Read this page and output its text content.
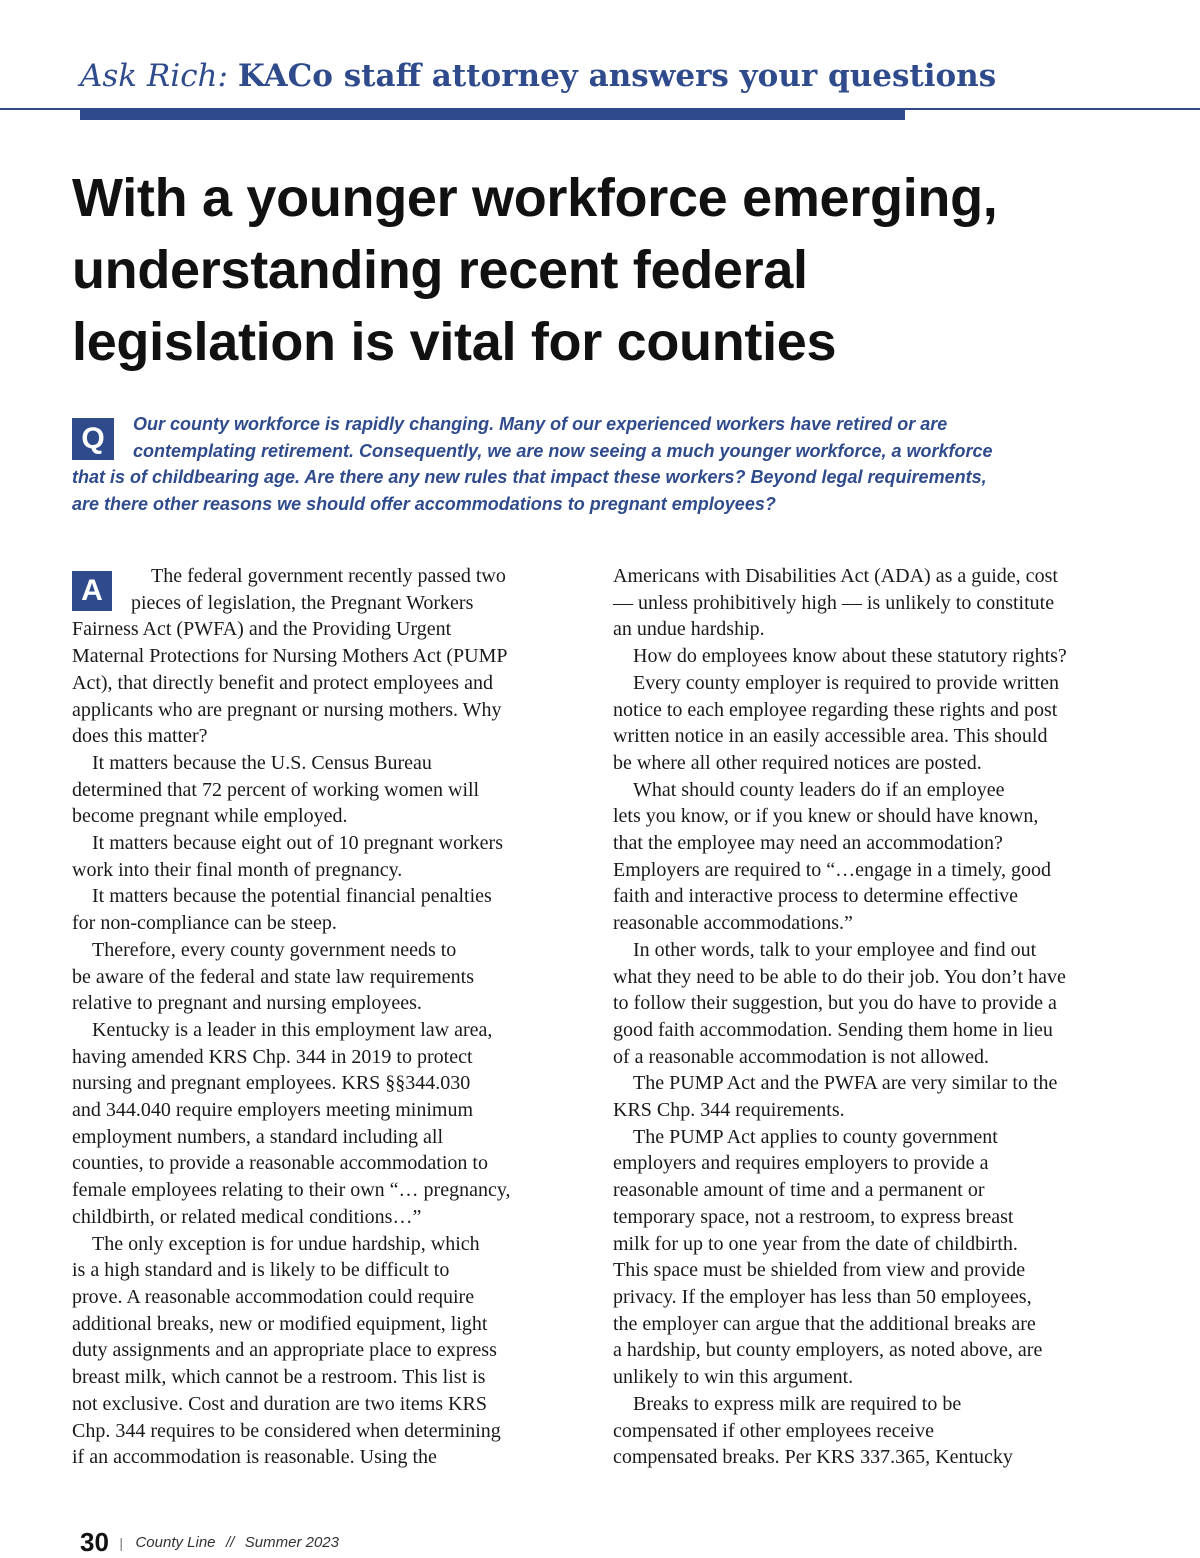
Ask Rich: KACo staff attorney answers your questions
With a younger workforce emerging,
understanding recent federal
legislation is vital for counties
Q	Our county workforce is rapidly changing. Many of our experienced workers have retired or are
contemplating retirement. Consequently, we are now seeing a much younger workforce, a workforce
that is of childbearing age. Are there any new rules that impact these workers? Beyond legal requirements,
are there other reasons we should offer accommodations to pregnant employees?
A	The federal government recently passed two
pieces of legislation, the Pregnant Workers
Fairness Act (PWFA) and the Providing Urgent
Maternal Protections for Nursing Mothers Act (PUMP
Act), that directly benefit and protect employees and
applicants who are pregnant or nursing mothers. Why
does this matter?
It matters because the U.S. Census Bureau
determined that 72 percent of working women will
become pregnant while employed.
It matters because eight out of 10 pregnant workers
work into their final month of pregnancy.
It matters because the potential financial penalties
for non-compliance can be steep.
Therefore, every county government needs to
be aware of the federal and state law requirements
relative to pregnant and nursing employees.
Kentucky is a leader in this employment law area,
having amended KRS Chp. 344 in 2019 to protect
nursing and pregnant employees. KRS §§344.030
and 344.040 require employers meeting minimum
employment numbers, a standard including all
counties, to provide a reasonable accommodation to
female employees relating to their own “… pregnancy,
childbirth, or related medical conditions…”
The only exception is for undue hardship, which
is a high standard and is likely to be difficult to
prove. A reasonable accommodation could require
additional breaks, new or modified equipment, light
duty assignments and an appropriate place to express
breast milk, which cannot be a restroom. This list is
not exclusive. Cost and duration are two items KRS
Chp. 344 requires to be considered when determining
if an accommodation is reasonable. Using the
Americans with Disabilities Act (ADA) as a guide, cost
— unless prohibitively high — is unlikely to constitute
an undue hardship.
How do employees know about these statutory rights?
Every county employer is required to provide written
notice to each employee regarding these rights and post
written notice in an easily accessible area. This should
be where all other required notices are posted.
What should county leaders do if an employee
lets you know, or if you knew or should have known,
that the employee may need an accommodation?
Employers are required to “…engage in a timely, good
faith and interactive process to determine effective
reasonable accommodations.”
In other words, talk to your employee and find out
what they need to be able to do their job. You don’t have
to follow their suggestion, but you do have to provide a
good faith accommodation. Sending them home in lieu
of a reasonable accommodation is not allowed.
The PUMP Act and the PWFA are very similar to the
KRS Chp. 344 requirements.
The PUMP Act applies to county government
employers and requires employers to provide a
reasonable amount of time and a permanent or
temporary space, not a restroom, to express breast
milk for up to one year from the date of childbirth.
This space must be shielded from view and provide
privacy. If the employer has less than 50 employees,
the employer can argue that the additional breaks are
a hardship, but county employers, as noted above, are
unlikely to win this argument.
Breaks to express milk are required to be
compensated if other employees receive
compensated breaks. Per KRS 337.365, Kentucky
30 | County Line // Summer 2023
